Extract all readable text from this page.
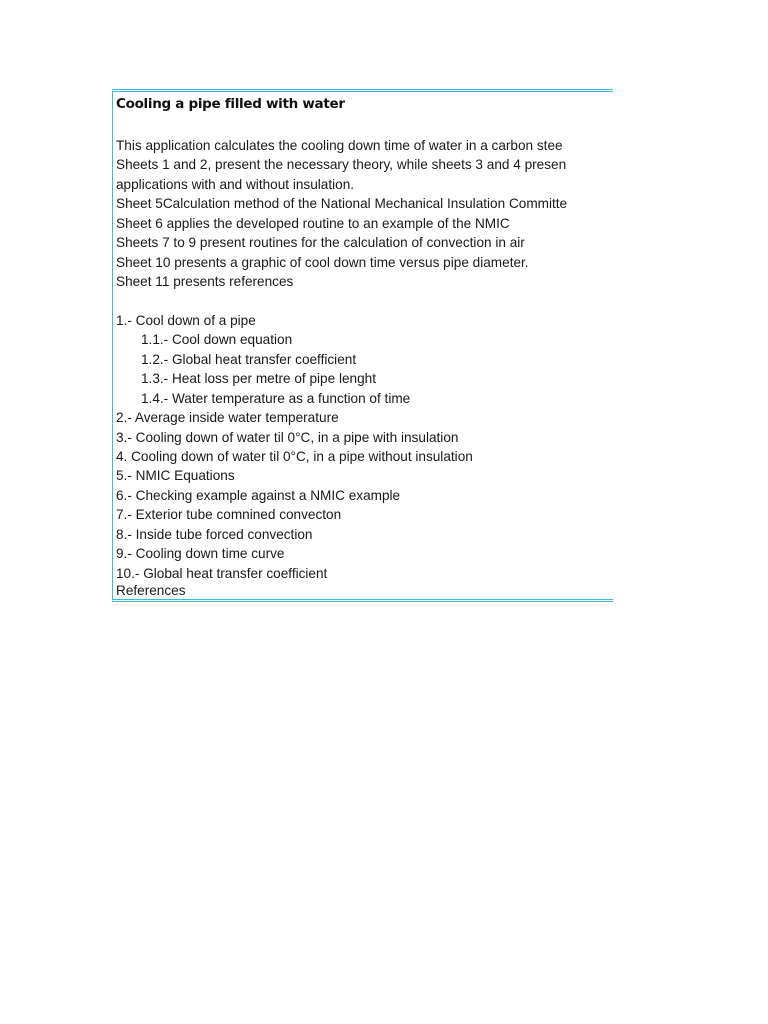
Cooling a pipe filled with water
This application calculates the cooling down time of water in a carbon stee
Sheets 1 and 2, present the necessary theory, while sheets 3 and 4 presen
applications with and without insulation.
Sheet 5Calculation method of the National Mechanical Insulation Committe
Sheet 6 applies the developed routine to an example of the NMIC
Sheets 7 to 9 present routines for the calculation of convection in air
Sheet 10 presents a graphic of cool down time versus pipe diameter.
Sheet 11 presents references
1.- Cool down of a pipe
1.1.- Cool down equation
1.2.- Global heat transfer coefficient
1.3.- Heat loss per metre of pipe lenght
1.4.- Water temperature as a function of time
2.- Average inside water temperature
3.- Cooling down of water til 0°C, in a pipe with insulation
4. Cooling down of water til 0°C, in a pipe without insulation
5.- NMIC Equations
6.- Checking example against a NMIC example
7.- Exterior tube comnined convecton
8.- Inside tube forced convection
9.- Cooling down time curve
10.- Global heat transfer coefficient
References
